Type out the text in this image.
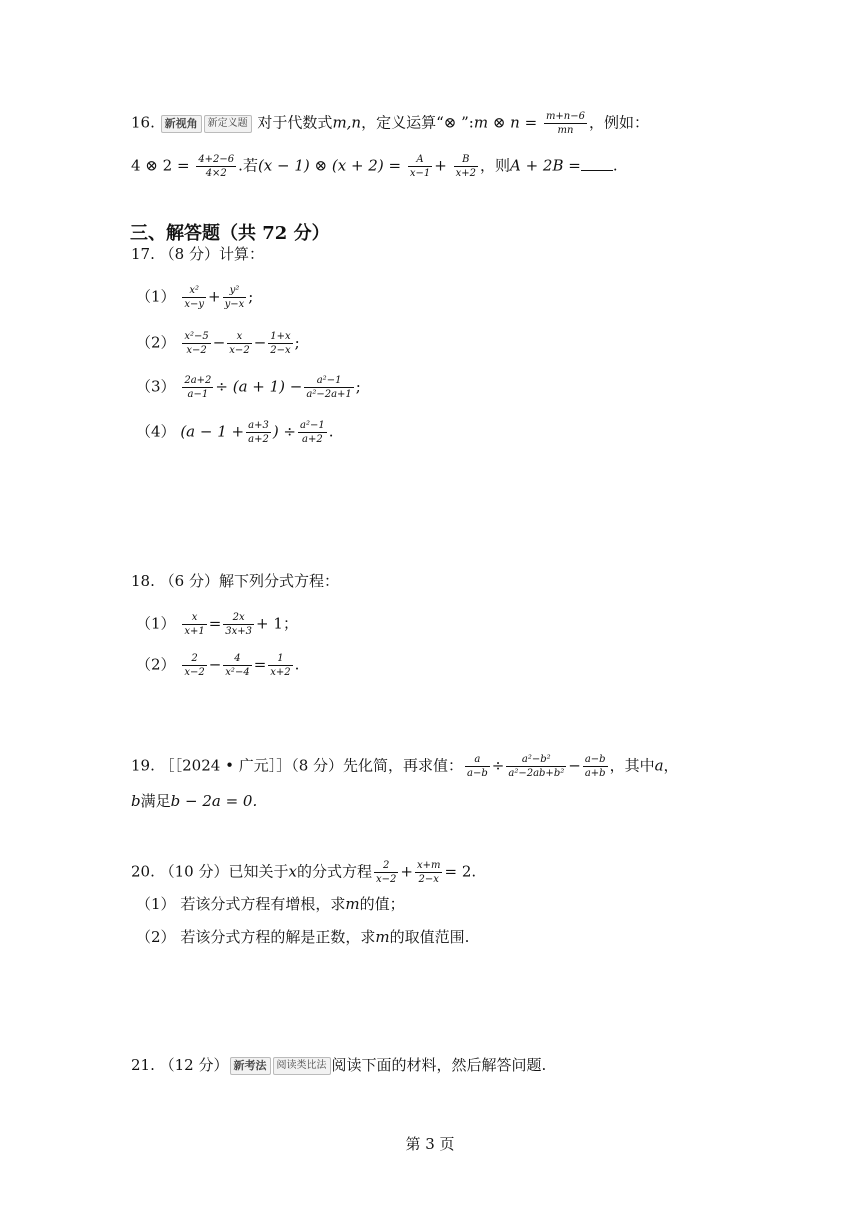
16. 新视角 新定义题 对于代数式m,n，定义运算“⊗ ”:m ⊗ $n = \frac{m+n-6}{mn}$ ，例如：
4 ⊗ $2 = \frac{4+2-6}{4\times 2}$ .若(x − 1) ⊗ $(x + 2) = \frac{A}{x-1} + \frac{B}{x+2}$ ，则A + 2B = .
三、解答题（共 72 分）
17. （8 分）计算：
$(1) \frac{\text{x²}}{x-y} + \frac{\text{y²}}{y-x}$ ;
$(2) \frac{\text{x²−5}}{x-2} - \frac{x}{x-2} - \frac{1+x}{2-x}$ ;
$(3) \frac{2a+2}{a-1} \div (a + 1) - \frac{\text{a²−1}}{\text{a²−2a+1}}$ ;
（4） ($a - 1 + \frac{a+3}{a+2}$ ) ÷ $\frac{\text{a²−1}}{a+2}$ .
18. （6 分）解下列分式方程：
$(1) \frac{x}{x+1} = \frac{2x}{3x+3} + 1$；
$(2) \frac{2}{x-2} - \frac{4}{\text{x²−4}} = \frac{1}{x+2}$ .
19. ［［2024 • 广元］］（8 分）先化简，再求值： $\frac{a}{a-b} \div \frac{\text{a²−b²}}{\text{a²−2ab+b²}} - \frac{a-b}{a+b}$ ，其中a，
b满足b − 2a = 0.
20. （10 分）已知关于x的分式方程 $\frac{2}{x-2} + \frac{x+m}{2-x} = 2$.
（1） 若该分式方程有增根，求m的值；
（2） 若该分式方程的解是正数，求m的取值范围.
21. （12 分） 新考法 阅读类比法 阅读下面的材料，然后解答问题.
第 3 页
